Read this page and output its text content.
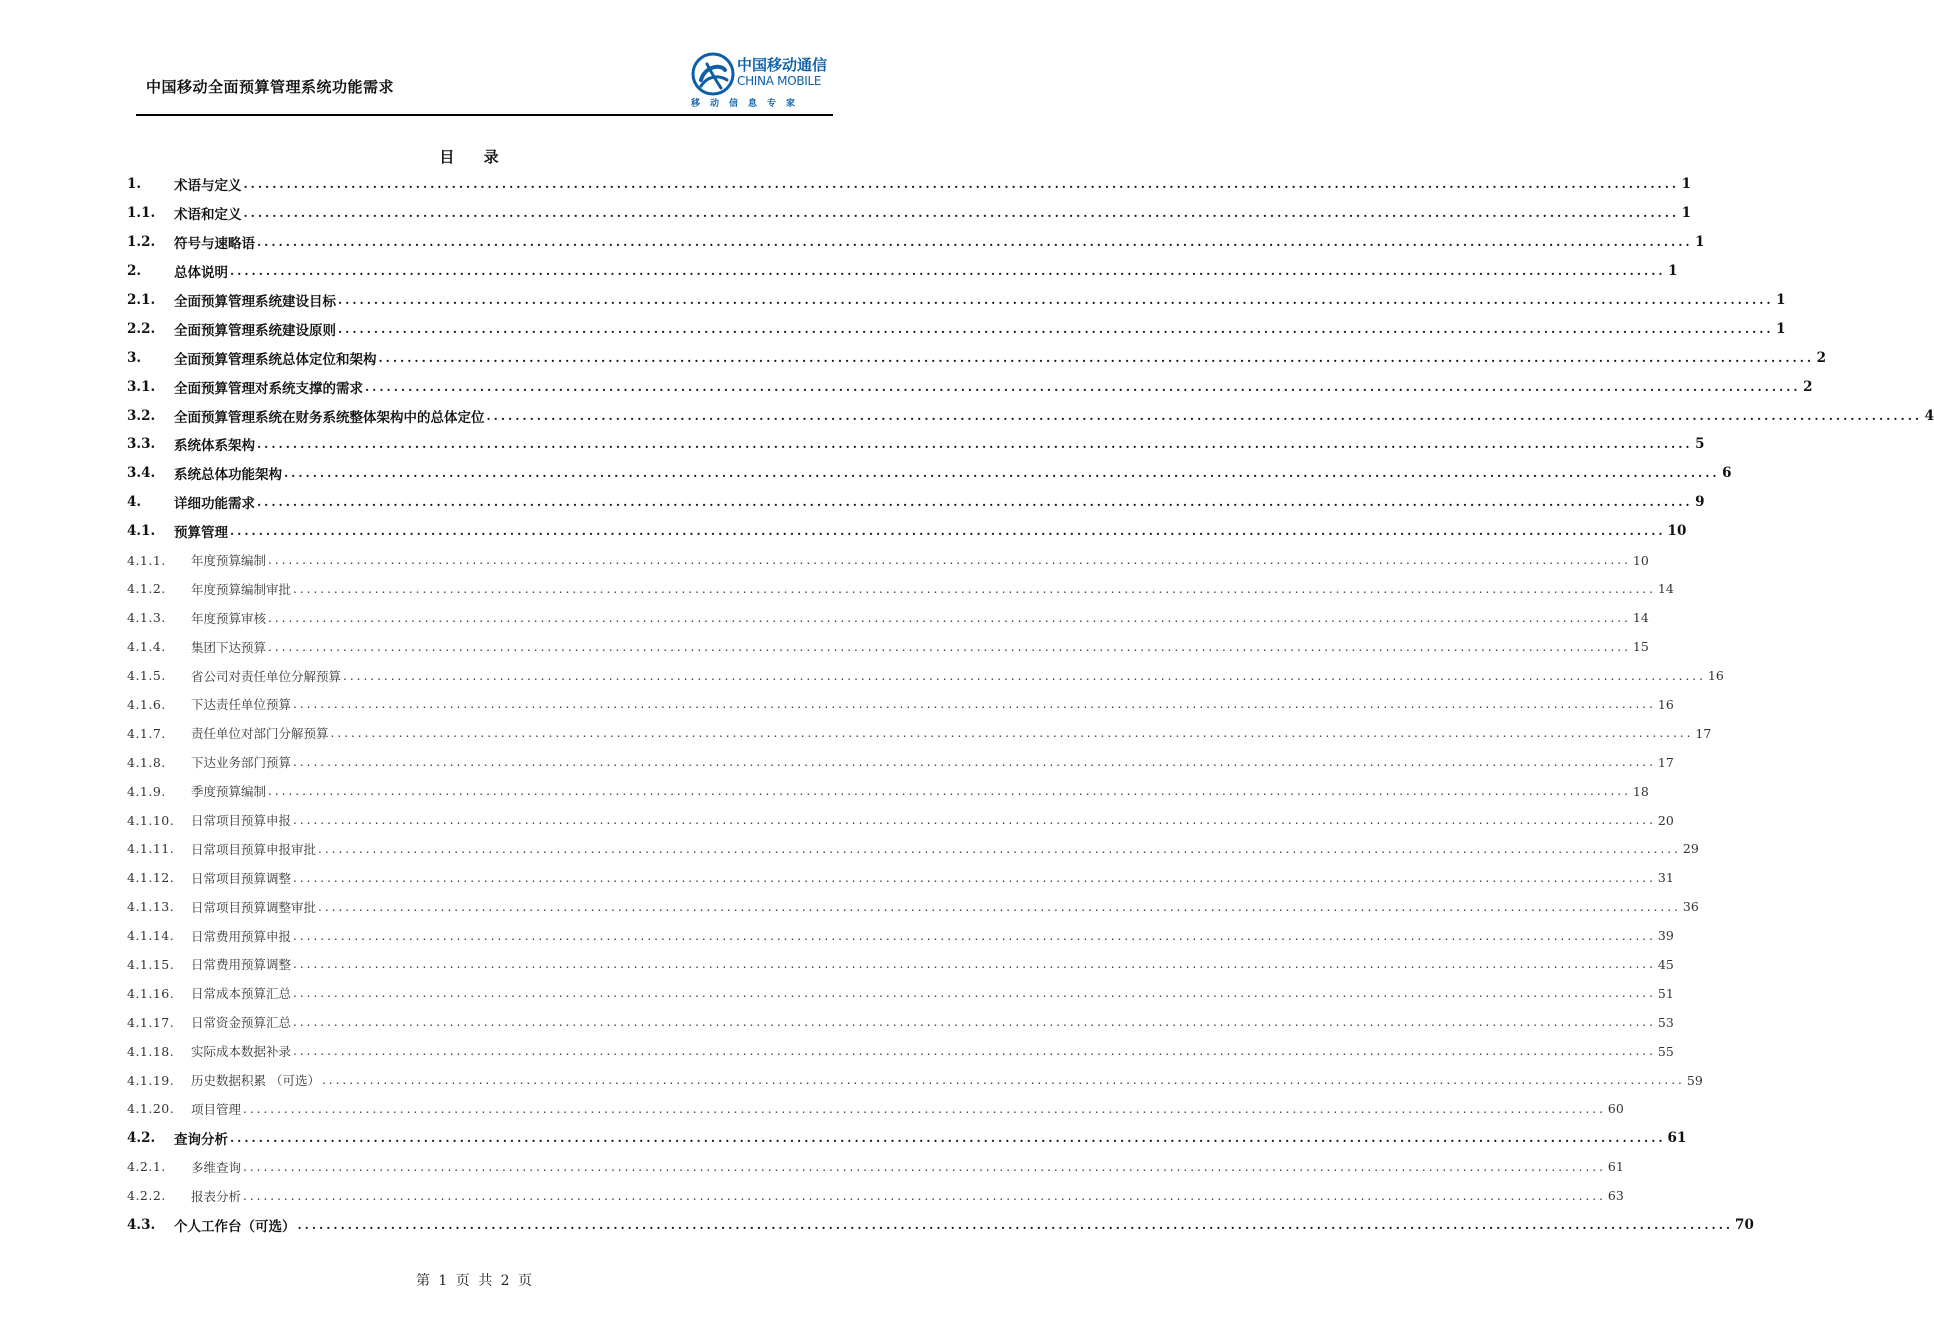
中国移动全面预算管理系统功能需求
中国移动通信
CHINA MOBILE
移动信息专家
目 录
1.	术语与定义 ........................................................................................................................................................................................................ 1
1.1.	术语和定义 ........................................................................................................................................................................................................ 1
1.2.	符号与速略语 ........................................................................................................................................................................................................ 1
2.	总体说明 ........................................................................................................................................................................................................ 1
2.1.	全面预算管理系统建设目标 ........................................................................................................................................................................................................ 1
2.2.	全面预算管理系统建设原则 ........................................................................................................................................................................................................ 1
3.	全面预算管理系统总体定位和架构 ........................................................................................................................................................................................................ 2
3.1.	全面预算管理对系统支撑的需求 ........................................................................................................................................................................................................ 2
3.2.	全面预算管理系统在财务系统整体架构中的总体定位 ........................................................................................................................................................................................................ 4
3.3.	系统体系架构 ........................................................................................................................................................................................................ 5
3.4.	系统总体功能架构 ........................................................................................................................................................................................................ 6
4.	详细功能需求 ........................................................................................................................................................................................................ 9
4.1.	预算管理 ........................................................................................................................................................................................................ 10
4.1.1.	年度预算编制 ........................................................................................................................................................................................................ 10
4.1.2.	年度预算编制审批 ........................................................................................................................................................................................................ 14
4.1.3.	年度预算审核 ........................................................................................................................................................................................................ 14
4.1.4.	集团下达预算 ........................................................................................................................................................................................................ 15
4.1.5.	省公司对责任单位分解预算 ........................................................................................................................................................................................................ 16
4.1.6.	下达责任单位预算 ........................................................................................................................................................................................................ 16
4.1.7.	责任单位对部门分解预算 ........................................................................................................................................................................................................ 17
4.1.8.	下达业务部门预算 ........................................................................................................................................................................................................ 17
4.1.9.	季度预算编制 ........................................................................................................................................................................................................ 18
4.1.10.	日常项目预算申报 ........................................................................................................................................................................................................ 20
4.1.11.	日常项目预算申报审批 ........................................................................................................................................................................................................ 29
4.1.12.	日常项目预算调整 ........................................................................................................................................................................................................ 31
4.1.13.	日常项目预算调整审批 ........................................................................................................................................................................................................ 36
4.1.14.	日常费用预算申报 ........................................................................................................................................................................................................ 39
4.1.15.	日常费用预算调整 ........................................................................................................................................................................................................ 45
4.1.16.	日常成本预算汇总 ........................................................................................................................................................................................................ 51
4.1.17.	日常资金预算汇总 ........................................................................................................................................................................................................ 53
4.1.18.	实际成本数据补录 ........................................................................................................................................................................................................ 55
4.1.19.	历史数据积累 （可选） ........................................................................................................................................................................................................ 59
4.1.20.	项目管理 ........................................................................................................................................................................................................ 60
4.2.	查询分析 ........................................................................................................................................................................................................ 61
4.2.1.	多维查询 ........................................................................................................................................................................................................ 61
4.2.2.	报表分析 ........................................................................................................................................................................................................ 63
4.3.	个人工作台（可选） ........................................................................................................................................................................................................ 70
第 1 页 共 2 页
